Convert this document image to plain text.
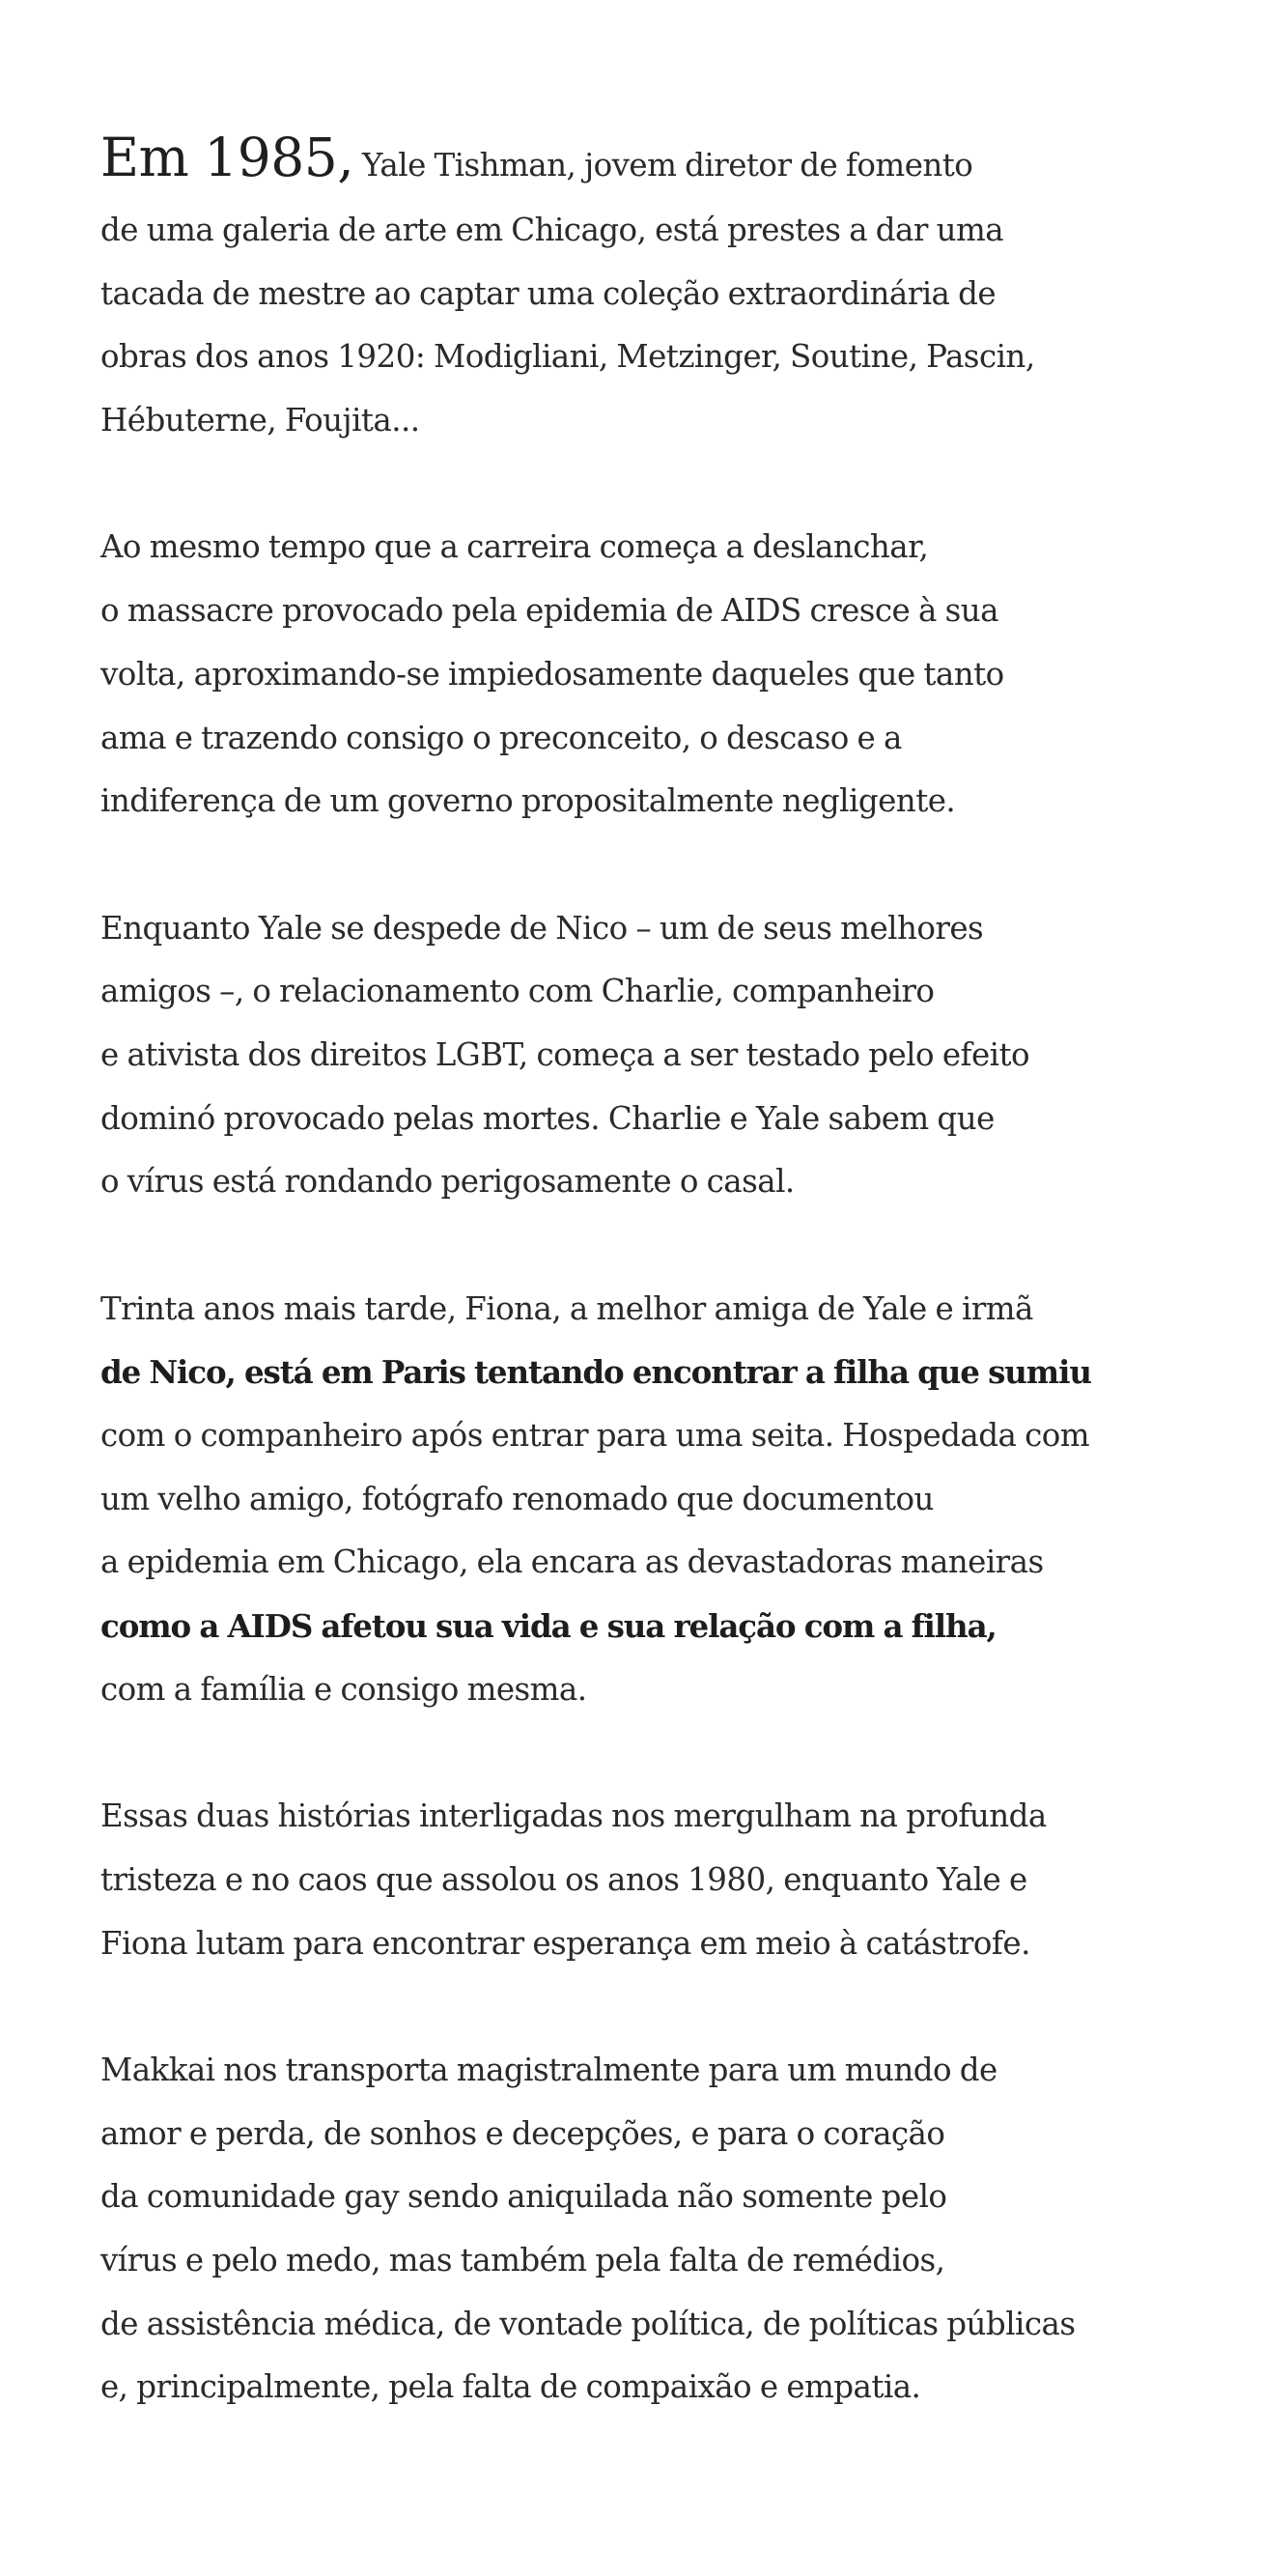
Em 1985, Yale Tishman, jovem diretor de fomento
de uma galeria de arte em Chicago, está prestes a dar uma
tacada de mestre ao captar uma coleção extraordinária de
obras dos anos 1920: Modigliani, Metzinger, Soutine, Pascin,
Hébuterne, Foujita...
Ao mesmo tempo que a carreira começa a deslanchar,
o massacre provocado pela epidemia de AIDS cresce à sua
volta, aproximando-se impiedosamente daqueles que tanto
ama e trazendo consigo o preconceito, o descaso e a
indiferença de um governo propositalmente negligente.
Enquanto Yale se despede de Nico – um de seus melhores
amigos –, o relacionamento com Charlie, companheiro
e ativista dos direitos LGBT, começa a ser testado pelo efeito
dominó provocado pelas mortes. Charlie e Yale sabem que
o vírus está rondando perigosamente o casal.
Trinta anos mais tarde, Fiona, a melhor amiga de Yale e irmã
de Nico, está em Paris tentando encontrar a filha que sumiu
com o companheiro após entrar para uma seita. Hospedada com
um velho amigo, fotógrafo renomado que documentou
a epidemia em Chicago, ela encara as devastadoras maneiras
como a AIDS afetou sua vida e sua relação com a filha,
com a família e consigo mesma.
Essas duas histórias interligadas nos mergulham na profunda
tristeza e no caos que assolou os anos 1980, enquanto Yale e
Fiona lutam para encontrar esperança em meio à catástrofe.
Makkai nos transporta magistralmente para um mundo de
amor e perda, de sonhos e decepções, e para o coração
da comunidade gay sendo aniquilada não somente pelo
vírus e pelo medo, mas também pela falta de remédios,
de assistência médica, de vontade política, de políticas públicas
e, principalmente, pela falta de compaixão e empatia.
